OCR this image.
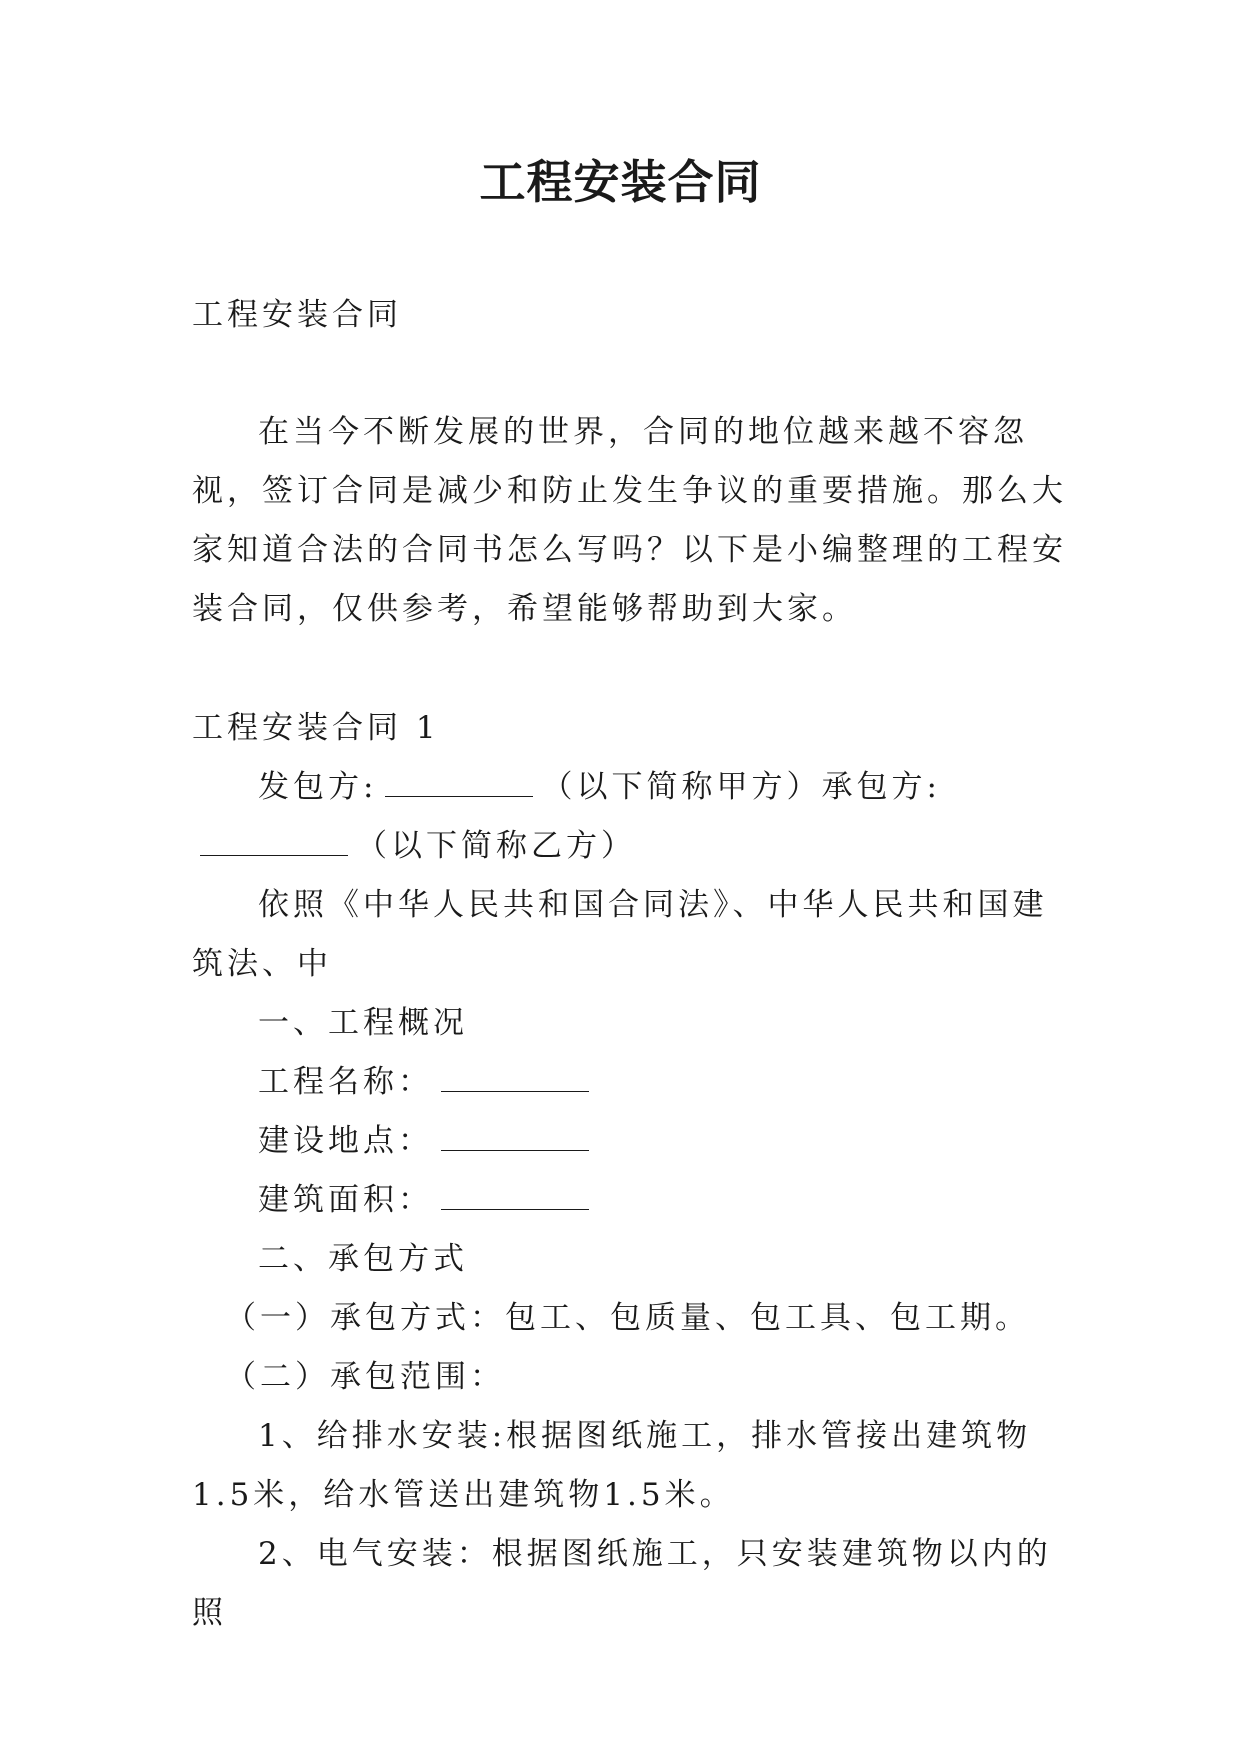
工程安装合同

工程安装合同

在当今不断发展的世界，合同的地位越来越不容忽视，签订合同是减少和防止发生争议的重要措施。那么大家知道合法的合同书怎么写吗？以下是小编整理的工程安装合同，仅供参考，希望能够帮助到大家。

工程安装合同 1

发包方:	（以下简称甲方）承包方:（以下简称乙方）

依照《中华人民共和国合同法》、中华人民共和国建筑法、中

一、工程概况

工程名称：

建设地点：

建筑面积：

二、承包方式

（一）承包方式：包工、包质量、包工具、包工期。

（二）承包范围：

1、给排水安装:根据图纸施工，排水管接出建筑物1.5米，给水管送出建筑物1.5米。

2、电气安装：根据图纸施工，只安装建筑物以内的照
